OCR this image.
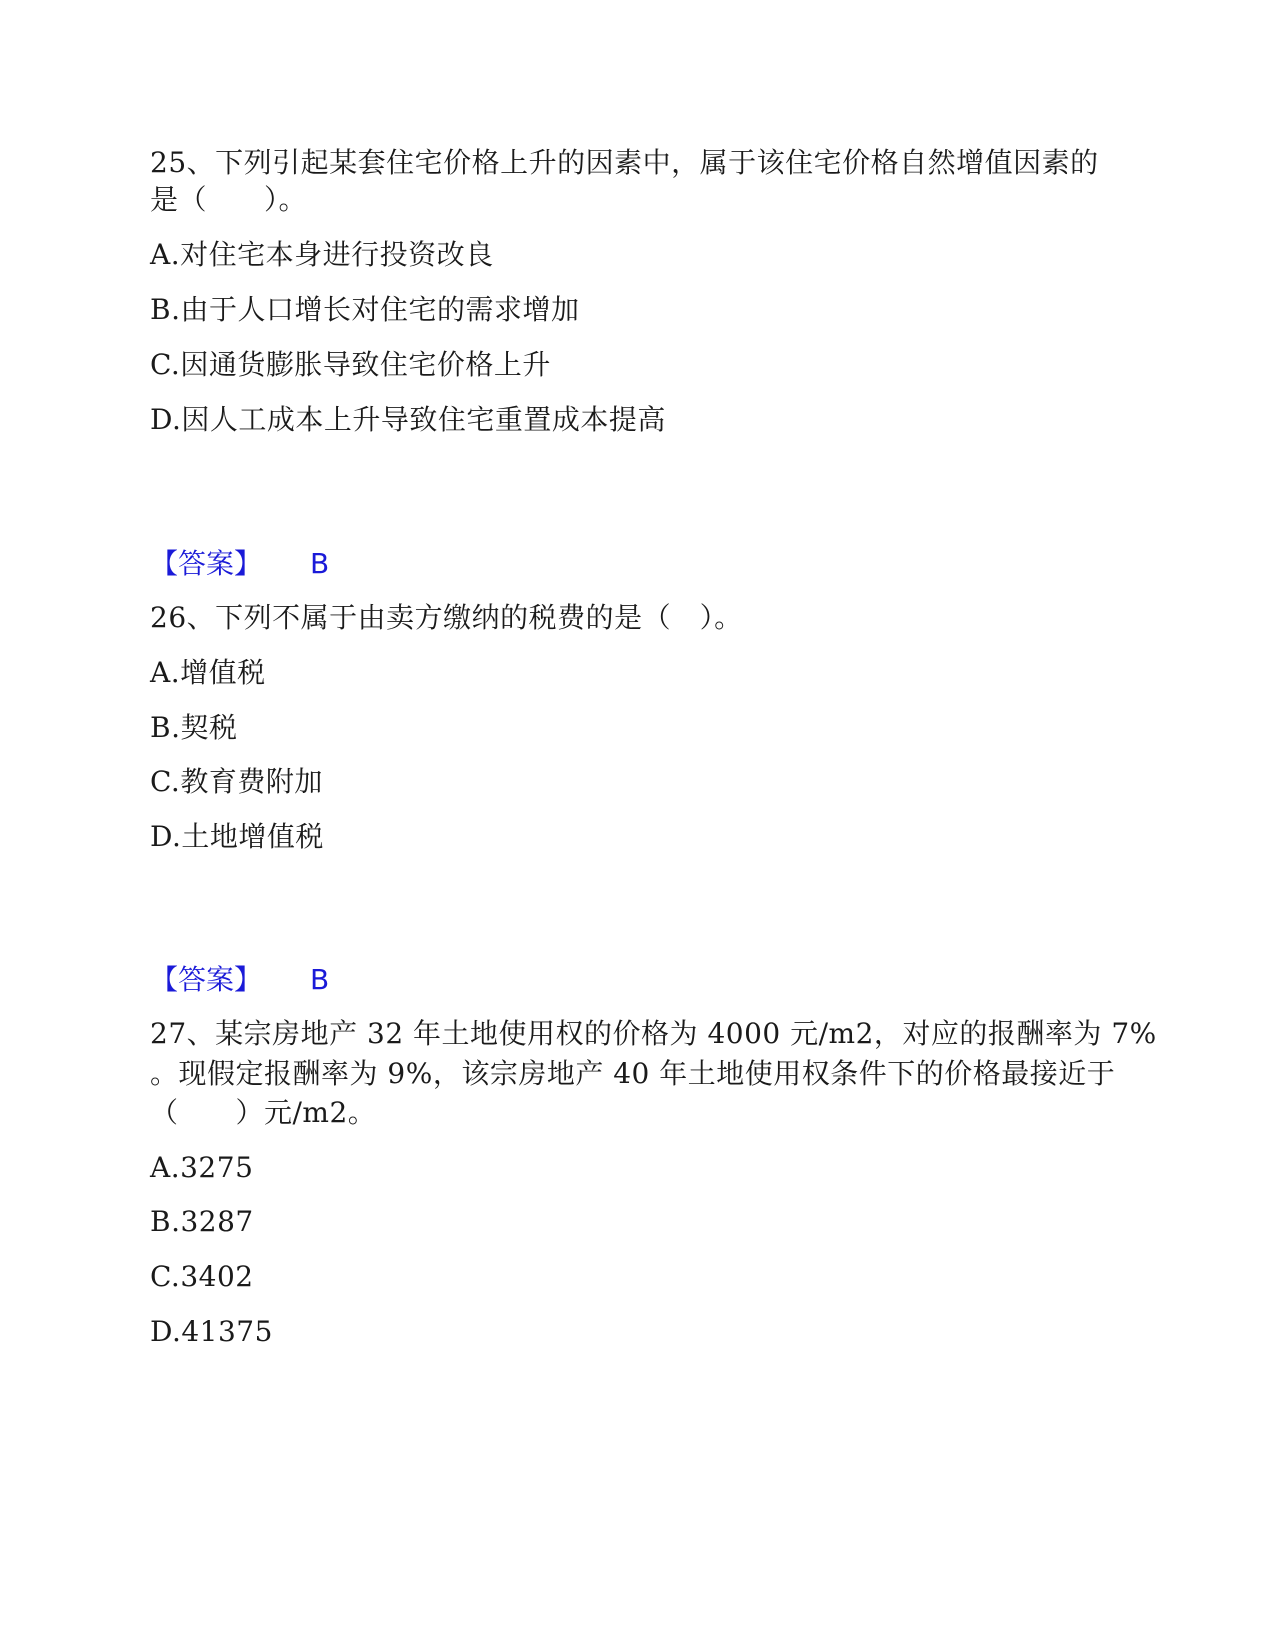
25、下列引起某套住宅价格上升的因素中，属于该住宅价格自然增值因素的
是（　　）。
A.对住宅本身进行投资改良
B.由于人口增长对住宅的需求增加
C.因通货膨胀导致住宅价格上升
D.因人工成本上升导致住宅重置成本提高
【答案】 B
26、下列不属于由卖方缴纳的税费的是（　）。
A.增值税
B.契税
C.教育费附加
D.土地增值税
【答案】 B
27、某宗房地产 32 年土地使用权的价格为 4000 元/m2，对应的报酬率为 7%
。现假定报酬率为 9%，该宗房地产 40 年土地使用权条件下的价格最接近于
（　　）元/m2。
A.3275
B.3287
C.3402
D.41375
